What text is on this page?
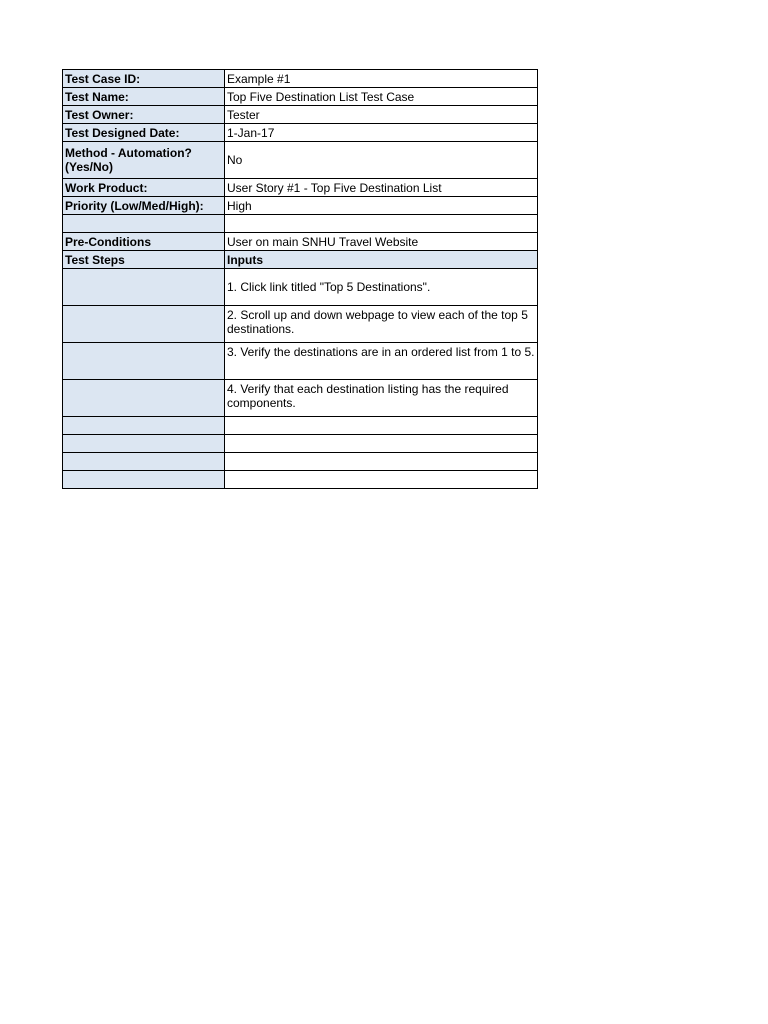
Test Case ID:	Example #1
Test Name:	Top Five Destination List Test Case
Test Owner:	Tester
Test Designed Date:	1-Jan-17
Method - Automation? (Yes/No)	No
Work Product:	User Story #1 - Top Five Destination List
Priority (Low/Med/High):	High

Pre-Conditions	User on main SNHU Travel Website
Test Steps	Inputs
	1. Click link titled "Top 5 Destinations".
	2. Scroll up and down webpage to view each of the top 5 destinations.
	3. Verify the destinations are in an ordered list from 1 to 5.
	4. Verify that each destination listing has the required components.
